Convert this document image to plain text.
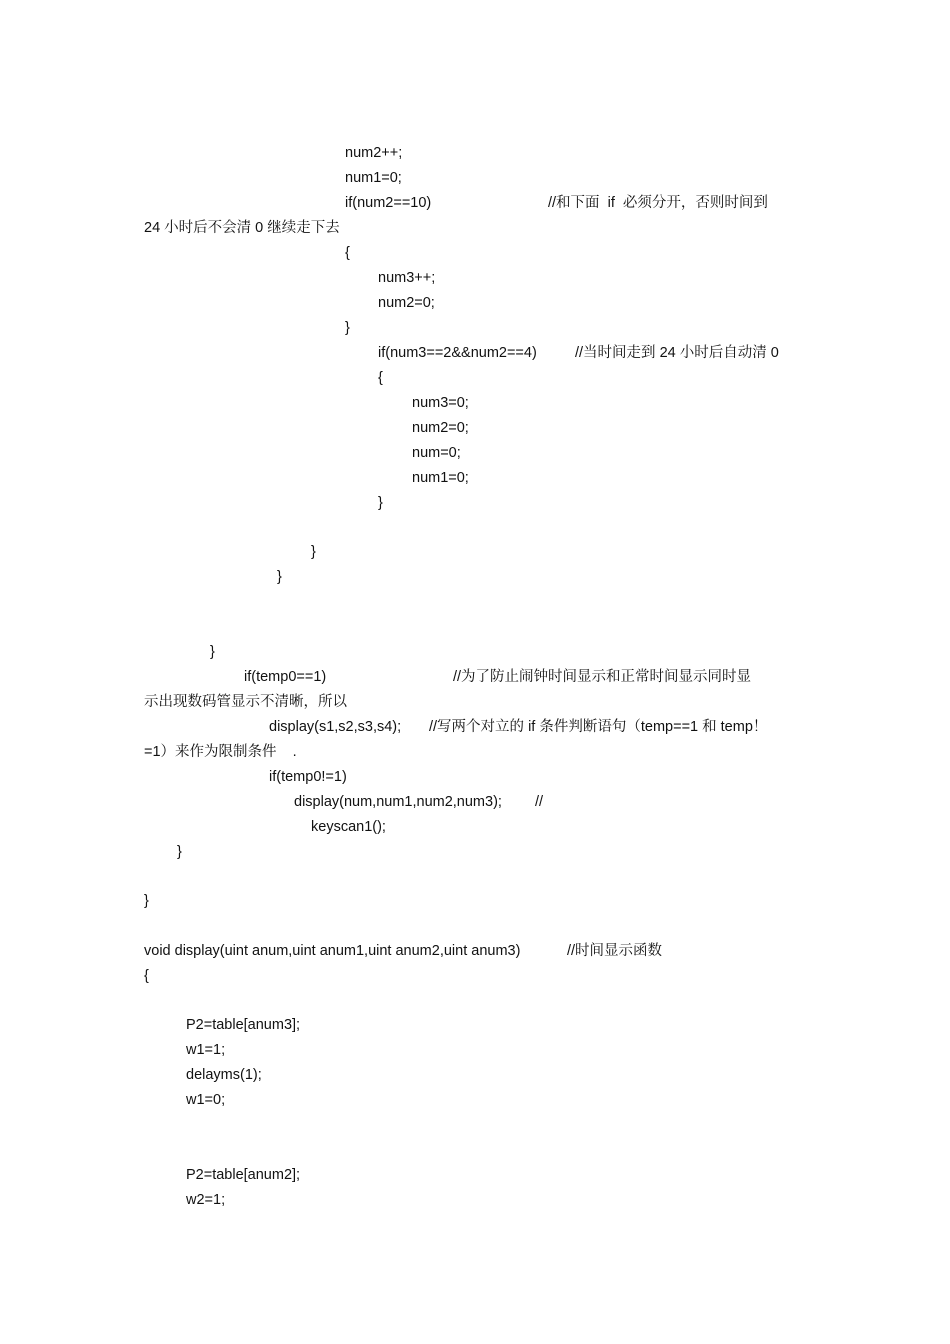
num2++;
num1=0;
if(num2==10)	//和下面  if  必须分开，否则时间到
24 小时后不会清 0 继续走下去
{
num3++;
num2=0;
}
if(num3==2&&num2==4)	//当时间走到 24 小时后自动清 0
{
num3=0;
num2=0;
num=0;
num1=0;
}
}
}
}
if(temp0==1)	//为了防止闹钟时间显示和正常时间显示同时显
示出现数码管显示不清晰，所以
display(s1,s2,s3,s4); //写两个对立的 if 条件判断语句（temp==1 和 temp！
=1）来作为限制条件    .
if(temp0!=1)
display(num,num1,num2,num3); //
keyscan1();
}
}
void display(uint anum,uint anum1,uint anum2,uint anum3)	//时间显示函数
{
P2=table[anum3];
w1=1;
delayms(1);
w1=0;
P2=table[anum2];
w2=1;
